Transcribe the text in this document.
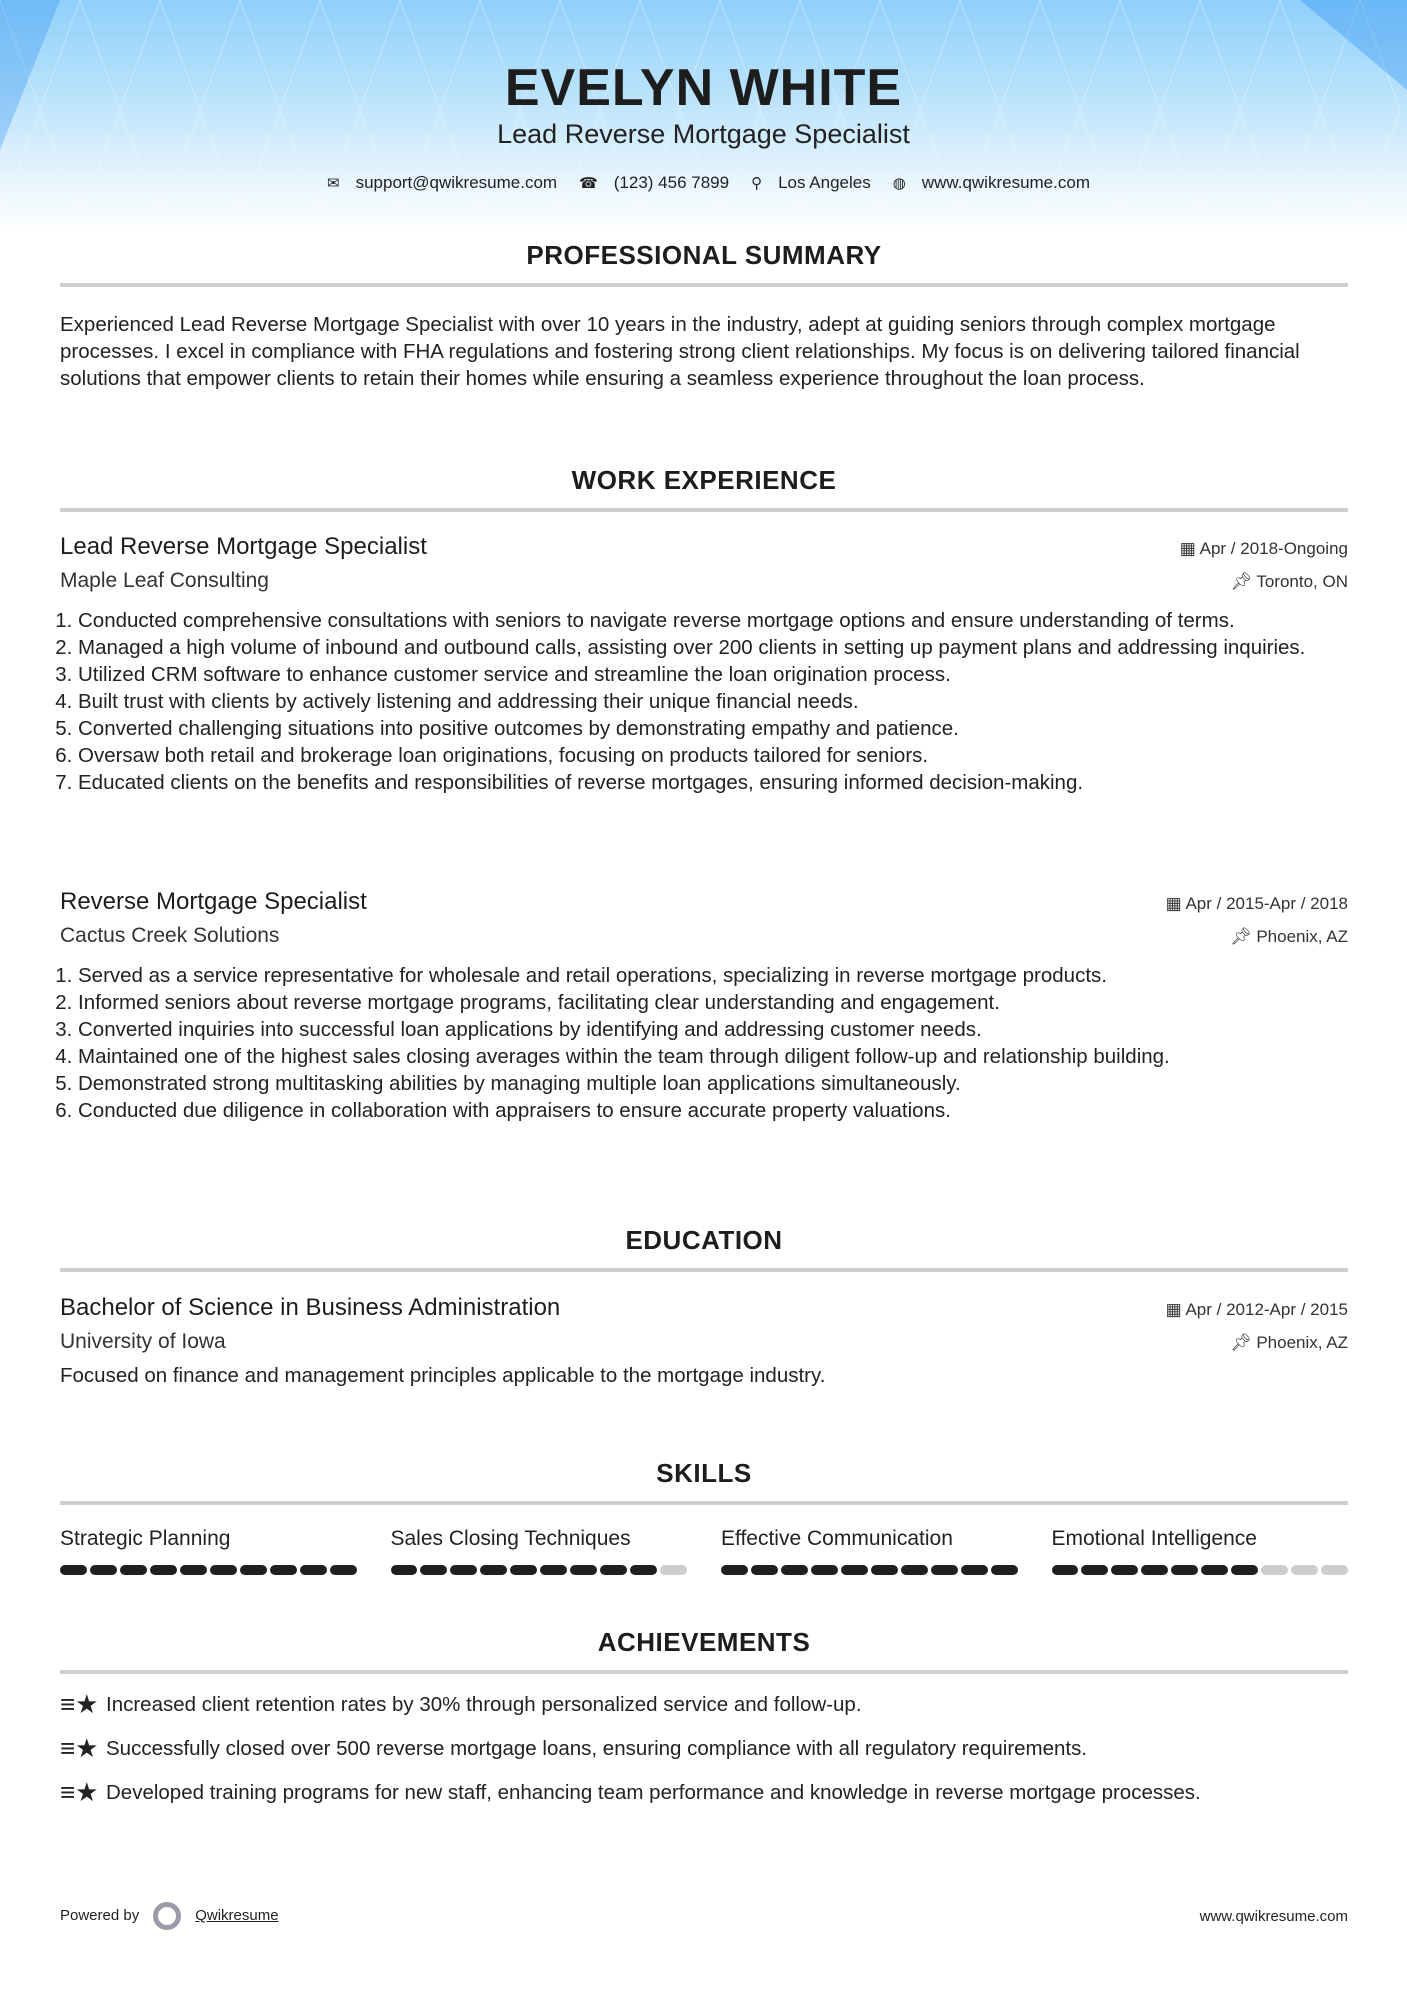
EVELYN WHITE
Lead Reverse Mortgage Specialist
✉ support@qwikresume.com ☎ (123) 456 7899 ⚲ Los Angeles ◍ www.qwikresume.com
PROFESSIONAL SUMMARY
Experienced Lead Reverse Mortgage Specialist with over 10 years in the industry, adept at guiding seniors through complex mortgage processes. I excel in compliance with FHA regulations and fostering strong client relationships. My focus is on delivering tailored financial solutions that empower clients to retain their homes while ensuring a seamless experience throughout the loan process.
WORK EXPERIENCE
Lead Reverse Mortgage Specialist	▦ Apr / 2018-Ongoing
Maple Leaf Consulting	📌︎ Toronto, ON
1. Conducted comprehensive consultations with seniors to navigate reverse mortgage options and ensure understanding of terms.
2. Managed a high volume of inbound and outbound calls, assisting over 200 clients in setting up payment plans and addressing inquiries.
3. Utilized CRM software to enhance customer service and streamline the loan origination process.
4. Built trust with clients by actively listening and addressing their unique financial needs.
5. Converted challenging situations into positive outcomes by demonstrating empathy and patience.
6. Oversaw both retail and brokerage loan originations, focusing on products tailored for seniors.
7. Educated clients on the benefits and responsibilities of reverse mortgages, ensuring informed decision-making.
Reverse Mortgage Specialist	▦ Apr / 2015-Apr / 2018
Cactus Creek Solutions	📌︎ Phoenix, AZ
1. Served as a service representative for wholesale and retail operations, specializing in reverse mortgage products.
2. Informed seniors about reverse mortgage programs, facilitating clear understanding and engagement.
3. Converted inquiries into successful loan applications by identifying and addressing customer needs.
4. Maintained one of the highest sales closing averages within the team through diligent follow-up and relationship building.
5. Demonstrated strong multitasking abilities by managing multiple loan applications simultaneously.
6. Conducted due diligence in collaboration with appraisers to ensure accurate property valuations.
EDUCATION
Bachelor of Science in Business Administration	▦ Apr / 2012-Apr / 2015
University of Iowa	📌︎ Phoenix, AZ
Focused on finance and management principles applicable to the mortgage industry.
SKILLS
Strategic Planning	Sales Closing Techniques	Effective Communication	Emotional Intelligence
ACHIEVEMENTS
≡★ Increased client retention rates by 30% through personalized service and follow-up.
≡★ Successfully closed over 500 reverse mortgage loans, ensuring compliance with all regulatory requirements.
≡★ Developed training programs for new staff, enhancing team performance and knowledge in reverse mortgage processes.
Powered by	Qwikresume	www.qwikresume.com
